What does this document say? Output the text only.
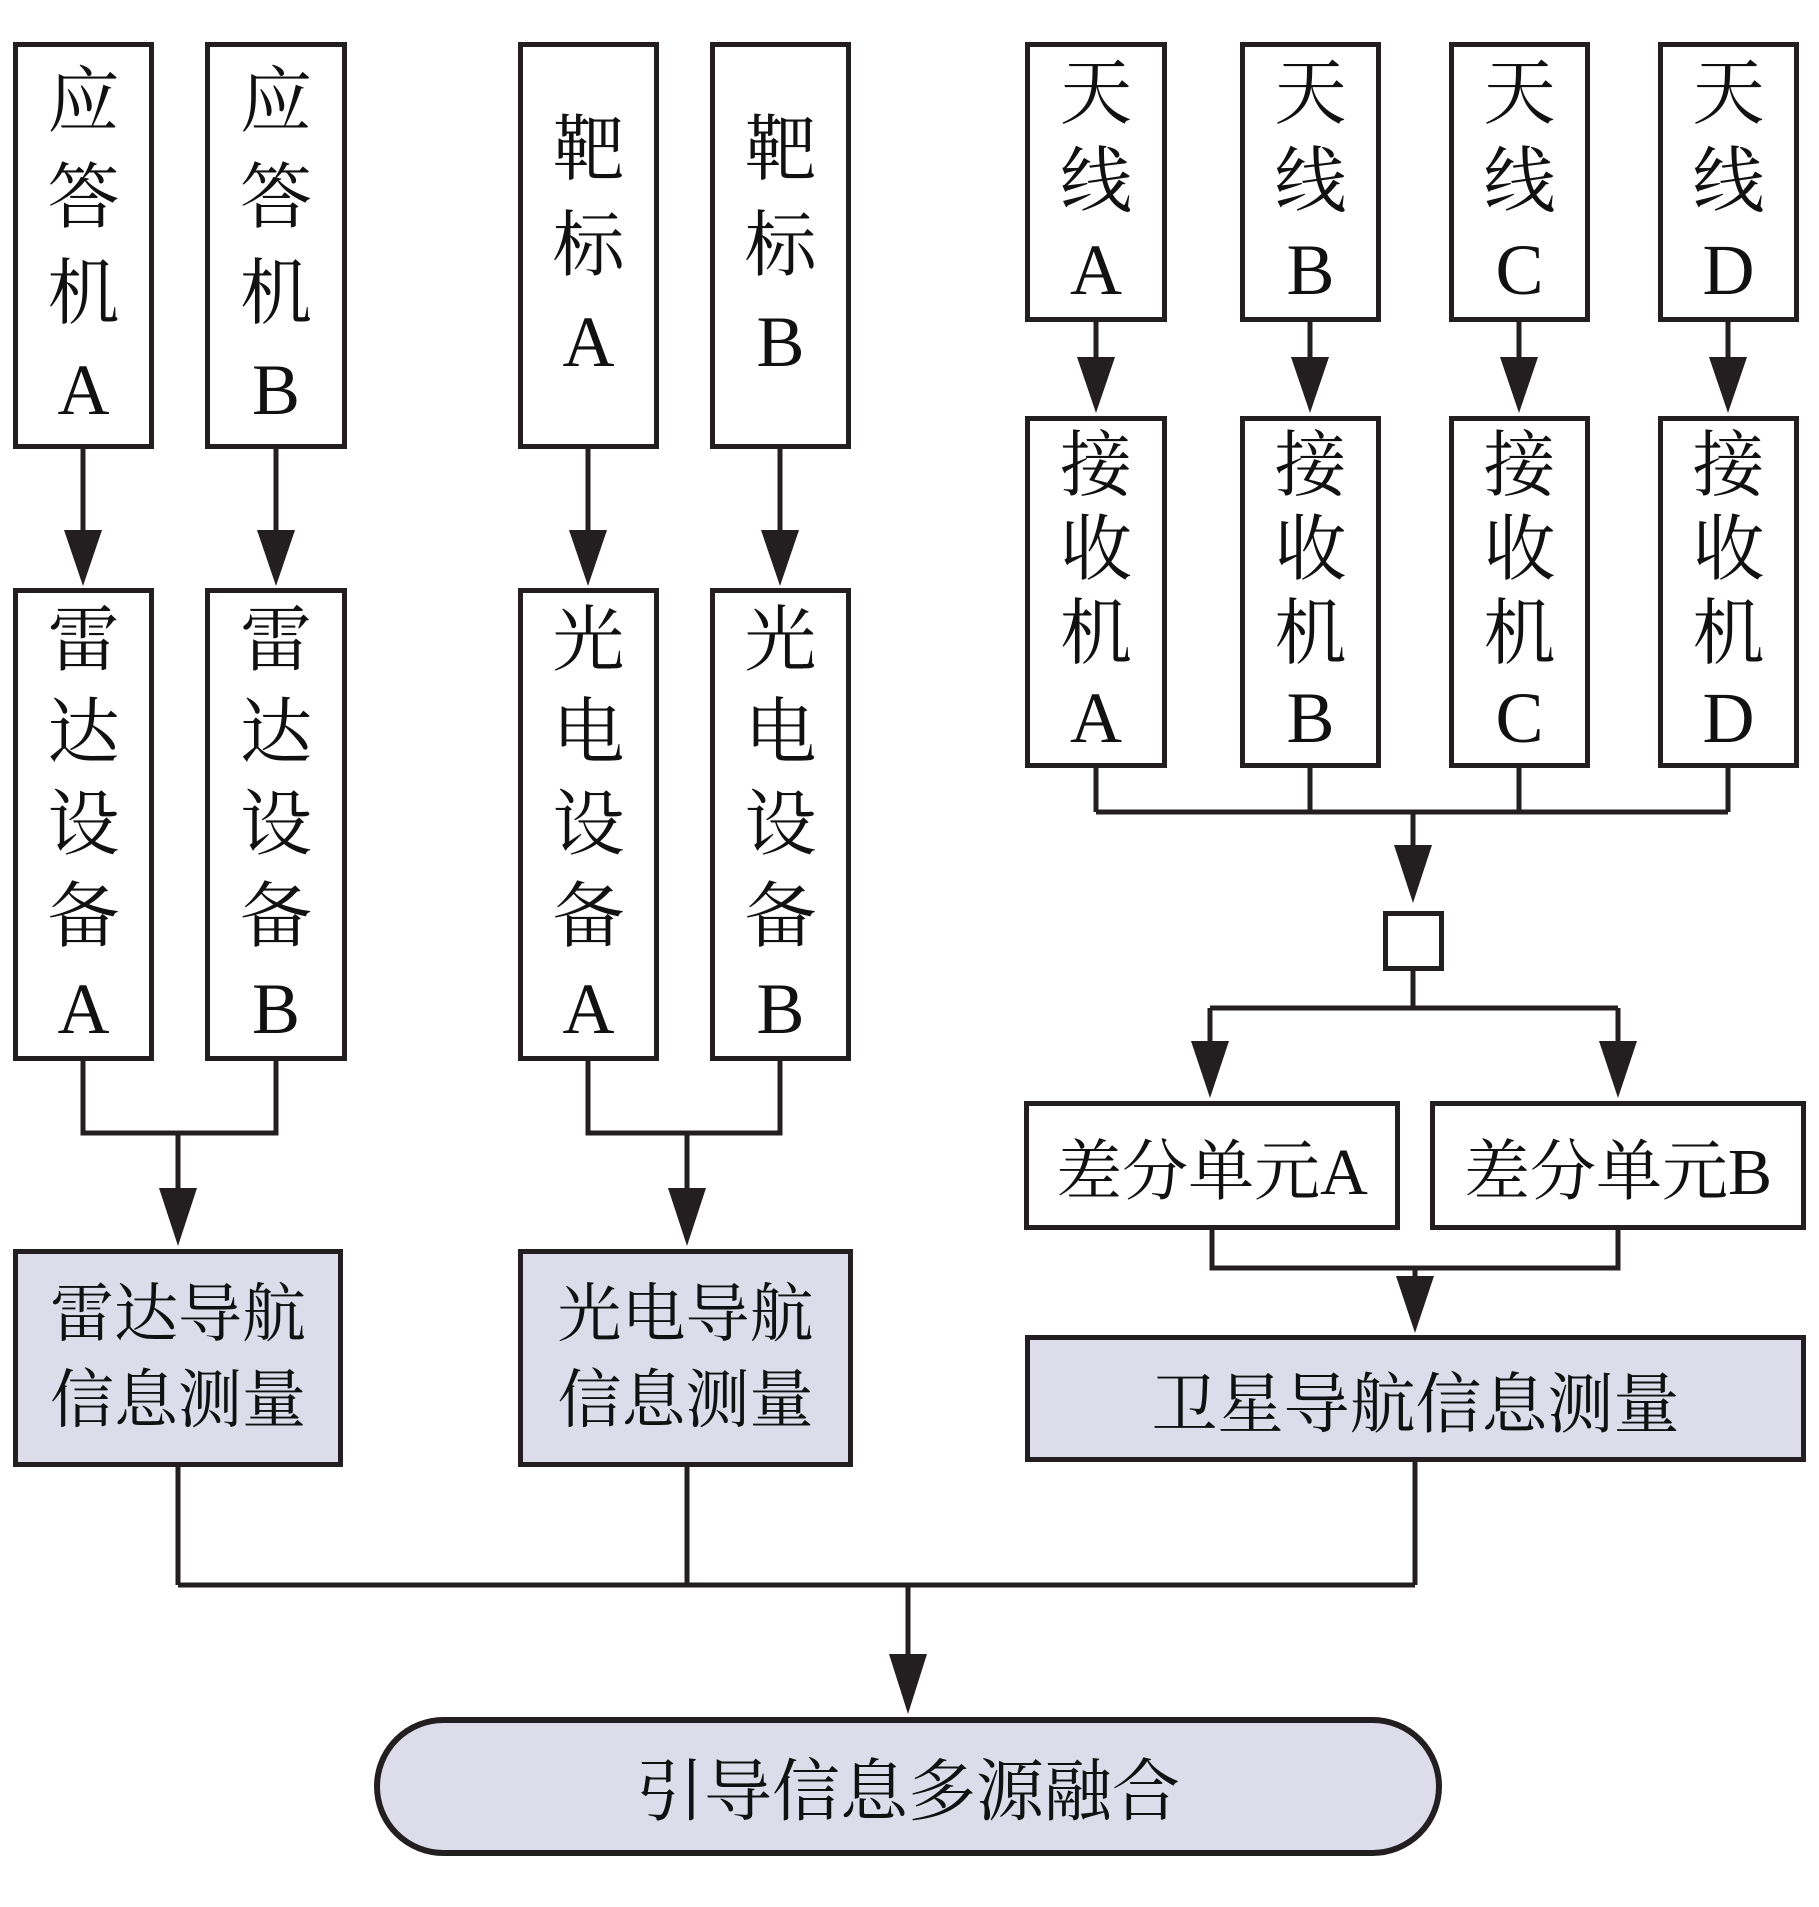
应
答
机
A
应
答
机
B
靶
标
A
靶
标
B
天
线
A
天
线
B
天
线
C
天
线
D
雷
达
设
备
A
雷
达
设
备
B
光
电
设
备
A
光
电
设
备
B
接
收
机
A
接
收
机
B
接
收
机
C
接
收
机
D
差分单元A 差分单元B
雷达导航信息测量
光电导航信息测量	卫星导航信息测量
引导信息多源融合
